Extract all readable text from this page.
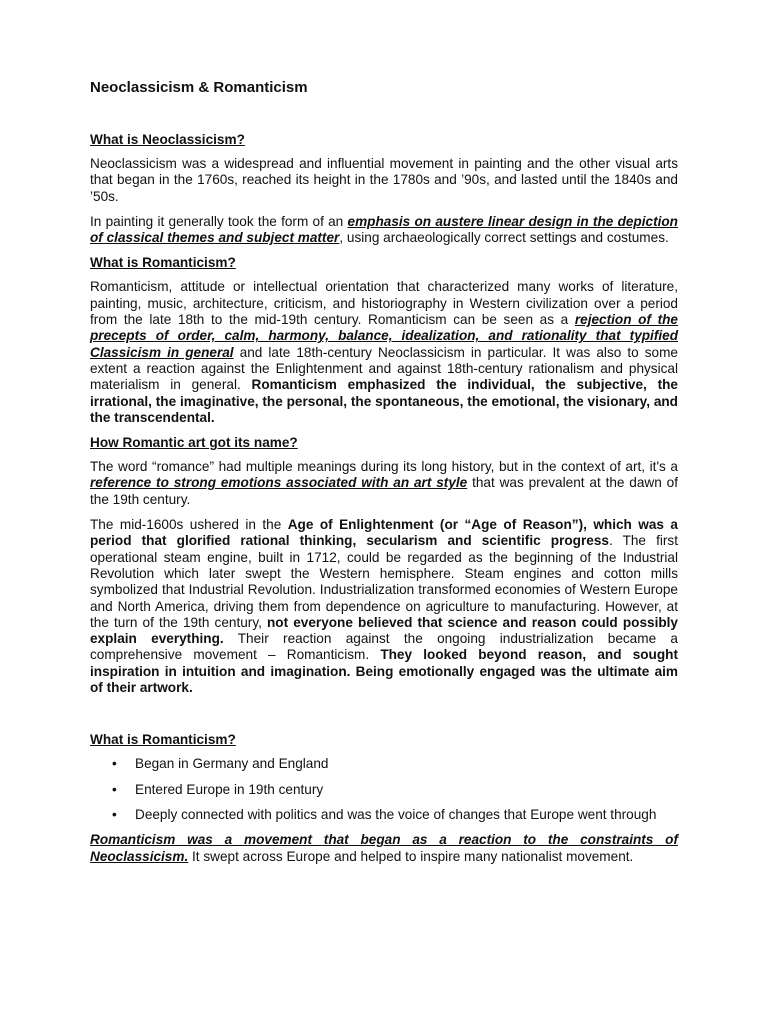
Neoclassicism & Romanticism
What is Neoclassicism?

Neoclassicism was a widespread and influential movement in painting and the other visual arts that began in the 1760s, reached its height in the 1780s and ’90s, and lasted until the 1840s and ’50s.

In painting it generally took the form of an emphasis on austere linear design in the depiction of classical themes and subject matter, using archaeologically correct settings and costumes.

What is Romanticism?

Romanticism, attitude or intellectual orientation that characterized many works of literature, painting, music, architecture, criticism, and historiography in Western civilization over a period from the late 18th to the mid-19th century. Romanticism can be seen as a rejection of the precepts of order, calm, harmony, balance, idealization, and rationality that typified Classicism in general and late 18th-century Neoclassicism in particular. It was also to some extent a reaction against the Enlightenment and against 18th-century rationalism and physical materialism in general. Romanticism emphasized the individual, the subjective, the irrational, the imaginative, the personal, the spontaneous, the emotional, the visionary, and the transcendental.

How Romantic art got its name?

The word “romance” had multiple meanings during its long history, but in the context of art, it's a reference to strong emotions associated with an art style that was prevalent at the dawn of the 19th century.

The mid-1600s ushered in the Age of Enlightenment (or “Age of Reason”), which was a period that glorified rational thinking, secularism and scientific progress. The first operational steam engine, built in 1712, could be regarded as the beginning of the Industrial Revolution which later swept the Western hemisphere. Steam engines and cotton mills symbolized that Industrial Revolution. Industrialization transformed economies of Western Europe and North America, driving them from dependence on agriculture to manufacturing. However, at the turn of the 19th century, not everyone believed that science and reason could possibly explain everything. Their reaction against the ongoing industrialization became a comprehensive movement – Romanticism. They looked beyond reason, and sought inspiration in intuition and imagination. Being emotionally engaged was the ultimate aim of their artwork.

What is Romanticism?
• Began in Germany and England
• Entered Europe in 19th century
• Deeply connected with politics and was the voice of changes that Europe went through

Romanticism was a movement that began as a reaction to the constraints of Neoclassicism. It swept across Europe and helped to inspire many nationalist movement.
